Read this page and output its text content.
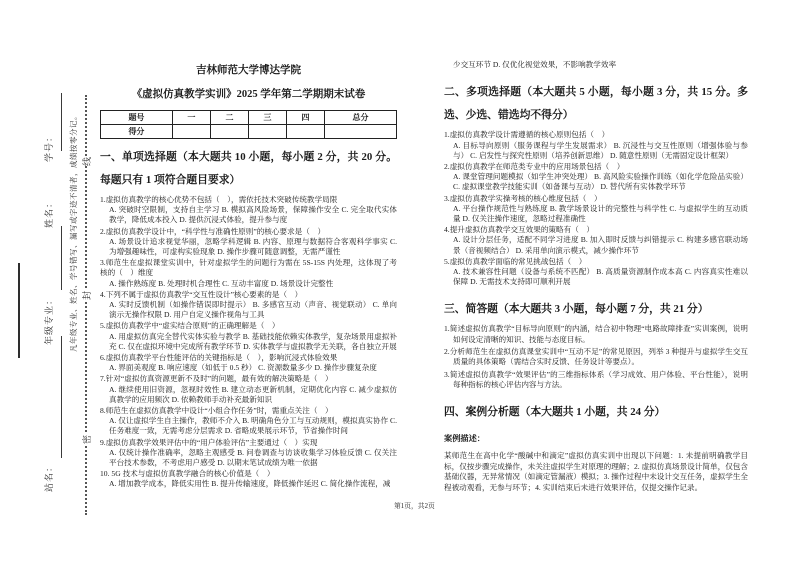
站名：
年级专业：
姓名：
学号： 凡年级专业、姓名、学号错写、漏写或字迹不清者，成绩按零分记。
密
封
线
吉林师范大学博达学院
《虚拟仿真教学实训》2025 学年第二学期期末试卷
题号	一	二	三	四	总分
得分					
一、单项选择题（本大题共 10 小题，每小题 2 分，共 20 分。每题只有 1 项符合题目要求）
1.虚拟仿真教学的核心优势不包括（　），需依托技术突破传统教学局限
A. 突破时空限制，支持自主学习 B. 模拟高风险场景，保障操作安全 C. 完全取代实体教学，降低成本投入 D. 提供沉浸式体验，提升参与度
2.虚拟仿真教学设计中，“科学性与准确性原则”的核心要求是（　）
A. 场景设计追求视觉华丽，忽略学科逻辑 B. 内容、原理与数据符合客观科学事实 C. 为增强趣味性，可虚构实验现象 D. 操作步骤可随意调整，无需严谨性
3.师范生在虚拟课堂实训中，针对虚拟学生的问题行为需在 5S-15S 内处理，这体现了考核的（　）维度
A. 操作熟练度 B. 处理时机合理性 C. 互动丰富度 D. 场景设计完整性
4.下列不属于虚拟仿真教学“交互性设计”核心要素的是（　）
A. 实时反馈机制（如操作错误即时提示） B. 多感官互动（声音、视觉联动） C. 单向演示无操作权限 D. 用户自定义操作视角与工具
5.虚拟仿真教学中“虚实结合原则”的正确理解是（　）
A. 用虚拟仿真完全替代实体实验与教学 B. 基础技能依赖实体教学，复杂场景用虚拟补充 C. 仅在虚拟环境中完成所有教学环节 D. 实体教学与虚拟教学无关联，各自独立开展
6.虚拟仿真教学平台性能评估的关键指标是（　），影响沉浸式体验效果
A. 界面美观度 B. 响应速度（如低于 0.5 秒） C. 资源数量多少 D. 操作步骤复杂度
7.针对“虚拟仿真资源更新不及时”的问题，最有效的解决策略是（　）
A. 继续使用旧资源，忽视时效性 B. 建立动态更新机制，定期优化内容 C. 减少虚拟仿真教学的应用频次 D. 依赖教师手动补充最新知识
8.师范生在虚拟仿真教学中设计“小组合作任务”时，需重点关注（　）
A. 仅让虚拟学生自主操作，教师不介入 B. 明确角色分工与互动规则，模拟真实协作 C. 任务难度一致，无需考虑分层需求 D. 省略成果展示环节，节省操作时间
9.虚拟仿真教学效果评估中的“用户体验评估”主要通过（　）实现
A. 仅统计操作准确率，忽略主观感受 B. 问卷调查与访谈收集学习体验反馈 C. 仅关注平台技术参数，不考虑用户感受 D. 以期末笔试成绩为唯一依据
10. 5G 技术与虚拟仿真教学融合的核心价值是（　）
A. 增加教学成本，降低实用性 B. 提升传输速度，降低操作延迟 C. 简化操作流程，减
少交互环节 D. 仅优化视觉效果，不影响教学效率
二、多项选择题（本大题共 5 小题，每小题 3 分，共 15 分。多选、少选、错选均不得分）
1.虚拟仿真教学设计需遵循的核心原则包括（　）
A. 目标导向原则（服务课程与学生发展需求） B. 沉浸性与交互性原则（增强体验与参与） C. 启发性与探究性原则（培养创新思维） D. 随意性原则（无需固定设计框架）
2.虚拟仿真教学在师范类专业中的应用场景包括（　）
A. 课堂管理问题模拟（如学生冲突处理） B. 高风险实验操作训练（如化学危险品实验） C. 虚拟课堂教学技能实训（如备课与互动） D. 替代所有实体教学环节
3.虚拟仿真教学实操考核的核心维度包括（　）
A. 平台操作规范性与熟练度 B. 教学场景设计的完整性与科学性 C. 与虚拟学生的互动质量 D. 仅关注操作速度，忽略过程准确性
4.提升虚拟仿真教学交互效果的策略有（　）
A. 设计分层任务，适配不同学习进度 B. 加入即时反馈与纠错提示 C. 构建多感官联动场景（音视频结合） D. 采用单向演示模式，减少操作环节
5.虚拟仿真教学面临的常见挑战包括（　）
A. 技术兼容性问题（设备与系统不匹配） B. 高质量资源制作成本高 C. 内容真实性难以保障 D. 无需技术支持即可顺利开展
三、简答题（本大题共 3 小题，每小题 7 分，共 21 分）
1.简述虚拟仿真教学“目标导向原则”的内涵，结合初中物理“电路故障排查”实训案例，说明如何设定清晰的知识、技能与态度目标。
2.分析师范生在虚拟仿真课堂实训中“互动不足”的常见原因，列举 3 种提升与虚拟学生交互质量的具体策略（需结合实时反馈、任务设计等要点）。
3.简述虚拟仿真教学“效果评估”的三维指标体系（学习成效、用户体验、平台性能），说明每种指标的核心评估内容与方法。
四、案例分析题（本大题共 1 小题，共 24 分）
案例描述：
某师范生在高中化学“酸碱中和滴定”虚拟仿真实训中出现以下问题：1. 未提前明确教学目标，仅按步骤完成操作，未关注虚拟学生对原理的理解；2. 虚拟仿真场景设计简单，仅包含基础仪器，无异常情况（如滴定管漏液）模拟；3. 操作过程中未设计交互任务，虚拟学生全程被动观看，无参与环节；4. 实训结束后未进行效果评估，仅提交操作记录。
第1页，共2页
